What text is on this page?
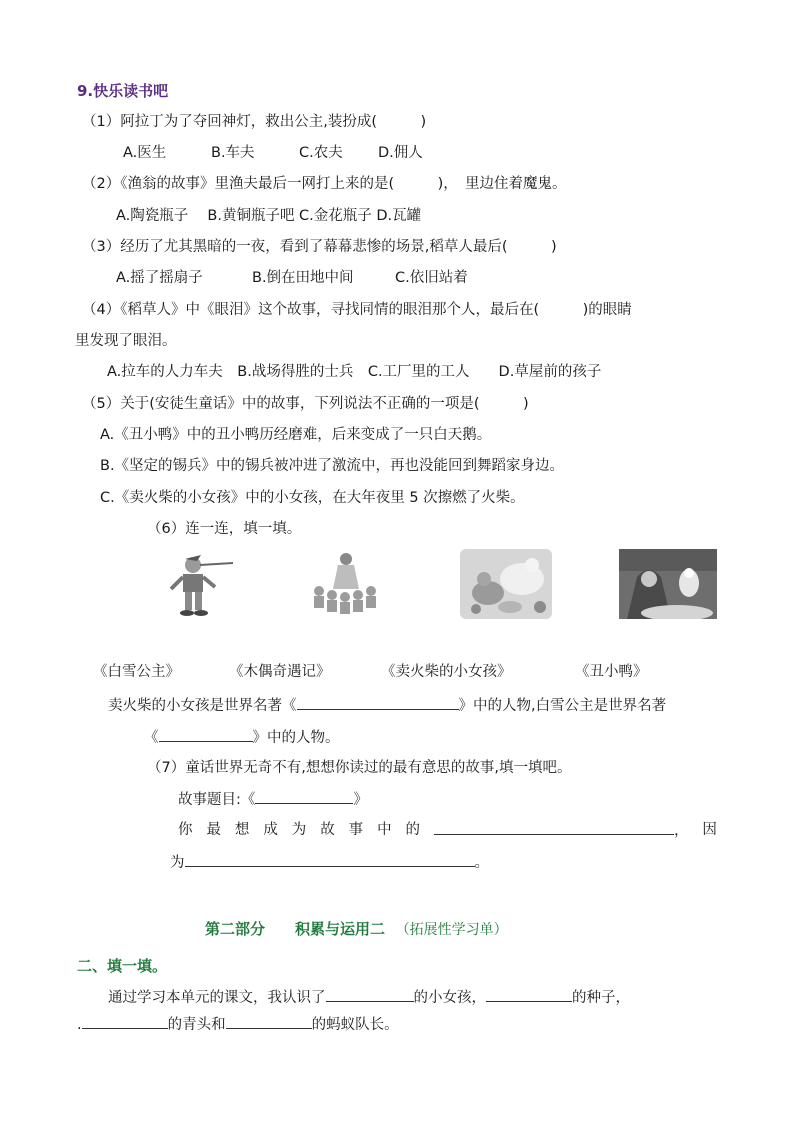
9.快乐读书吧
（1）阿拉丁为了夺回神灯，救出公主,装扮成(　　　)
A.医生	B.车夫	C.农夫 D.佣人
（2）《渔翁的故事》里渔夫最后一网打上来的是(　　　)，　里边住着魔鬼。
A.陶瓷瓶子　 B.黄铜瓶子吧 C.金花瓶子 D.瓦罐
（3）经历了尤其黑暗的一夜，看到了幕幕悲惨的场景,稻草人最后(　　　)
A.摇了摇扇子	B.倒在田地中间	C.依旧站着
（4）《稻草人》中《眼泪》这个故事，寻找同情的眼泪那个人，最后在(　　　)的眼睛
里发现了眼泪。
A.拉车的人力车夫　B.战场得胜的士兵　C.工厂里的工人　　D.草屋前的孩子
（5）关于(安徒生童话》中的故事，下列说法不正确的一项是(　　　)
A.《丑小鸭》中的丑小鸭历经磨难，后来变成了一只白天鹅。
B.《坚定的锡兵》中的锡兵被冲进了激流中，再也没能回到舞蹈家身边。
C.《卖火柴的小女孩》中的小女孩，在大年夜里 5 次擦燃了火柴。
（6）连一连，填一填。
《白雪公主》	《木偶奇遇记》	《卖火柴的小女孩》	《丑小鸭》
卖火柴的小女孩是世界名著《	》中的人物,白雪公主是世界名著
《	》中的人物。
（7）童话世界无奇不有,想想你读过的最有意思的故事,填一填吧。
故事题目:《	》
你 最 想 成 为 故 事 中 的	， 因
为	。
第二部分　　积累与运用二 （拓展性学习单）
二、填一填。
通过学习本单元的课文，我认识了	的小女孩，	的种子，
.	的青头和	的蚂蚁队长。
